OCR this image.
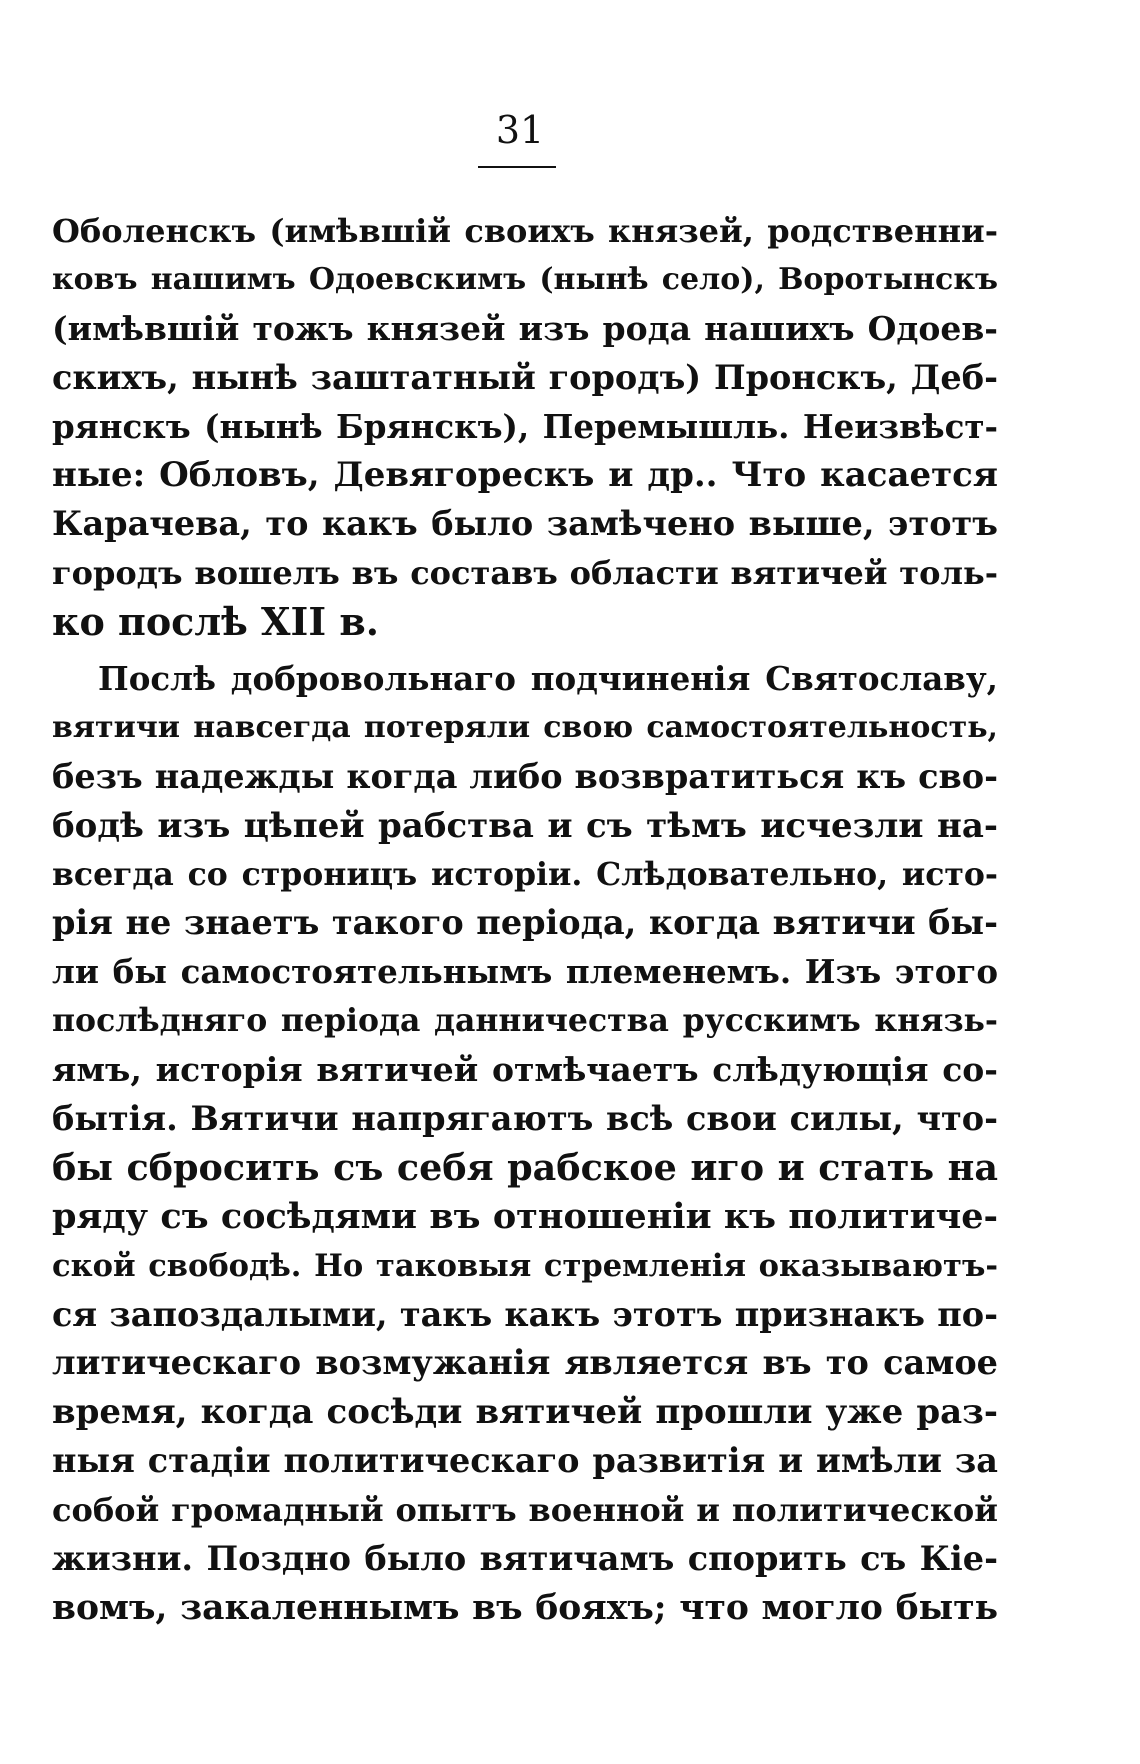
31
Оболенскъ (имѣвшій своихъ князей, родственни-
ковъ нашимъ Одоевскимъ (нынѣ село), Воротынскъ
(имѣвшій тожъ князей изъ рода нашихъ Одоев-
скихъ, нынѣ заштатный городъ) Пронскъ, Деб-
рянскъ (нынѣ Брянскъ), Перемышль. Неизвѣст-
ные: Обловъ, Девягорескъ и др.. Что касается
Карачева, то какъ было замѣчено выше, этотъ
городъ вошелъ въ составъ области вятичей толь-
ко послѣ XII в.
Послѣ добровольнаго подчиненія Святославу,
вятичи навсегда потеряли свою самостоятельность,
безъ надежды когда либо возвратиться къ сво-
бодѣ изъ цѣпей рабства и съ тѣмъ исчезли на-
всегда со строницъ исторіи. Слѣдовательно, исто-
рія не знаетъ такого періода, когда вятичи бы-
ли бы самостоятельнымъ племенемъ. Изъ этого
послѣдняго періода данничества русскимъ князь-
ямъ, исторія вятичей отмѣчаетъ слѣдующія со-
бытія. Вятичи напрягаютъ всѣ свои силы, что-
бы сбросить съ себя рабское иго и стать на
ряду съ сосѣдями въ отношеніи къ политиче-
ской свободѣ. Но таковыя стремленія оказываютъ-
ся запоздалыми, такъ какъ этотъ признакъ по-
литическаго возмужанія является въ то самое
время, когда сосѣди вятичей прошли уже раз-
ныя стадіи политическаго развитія и имѣли за
собой громадный опытъ военной и политической
жизни. Поздно было вятичамъ спорить съ Кіе-
вомъ, закаленнымъ въ бояхъ; что могло быть
